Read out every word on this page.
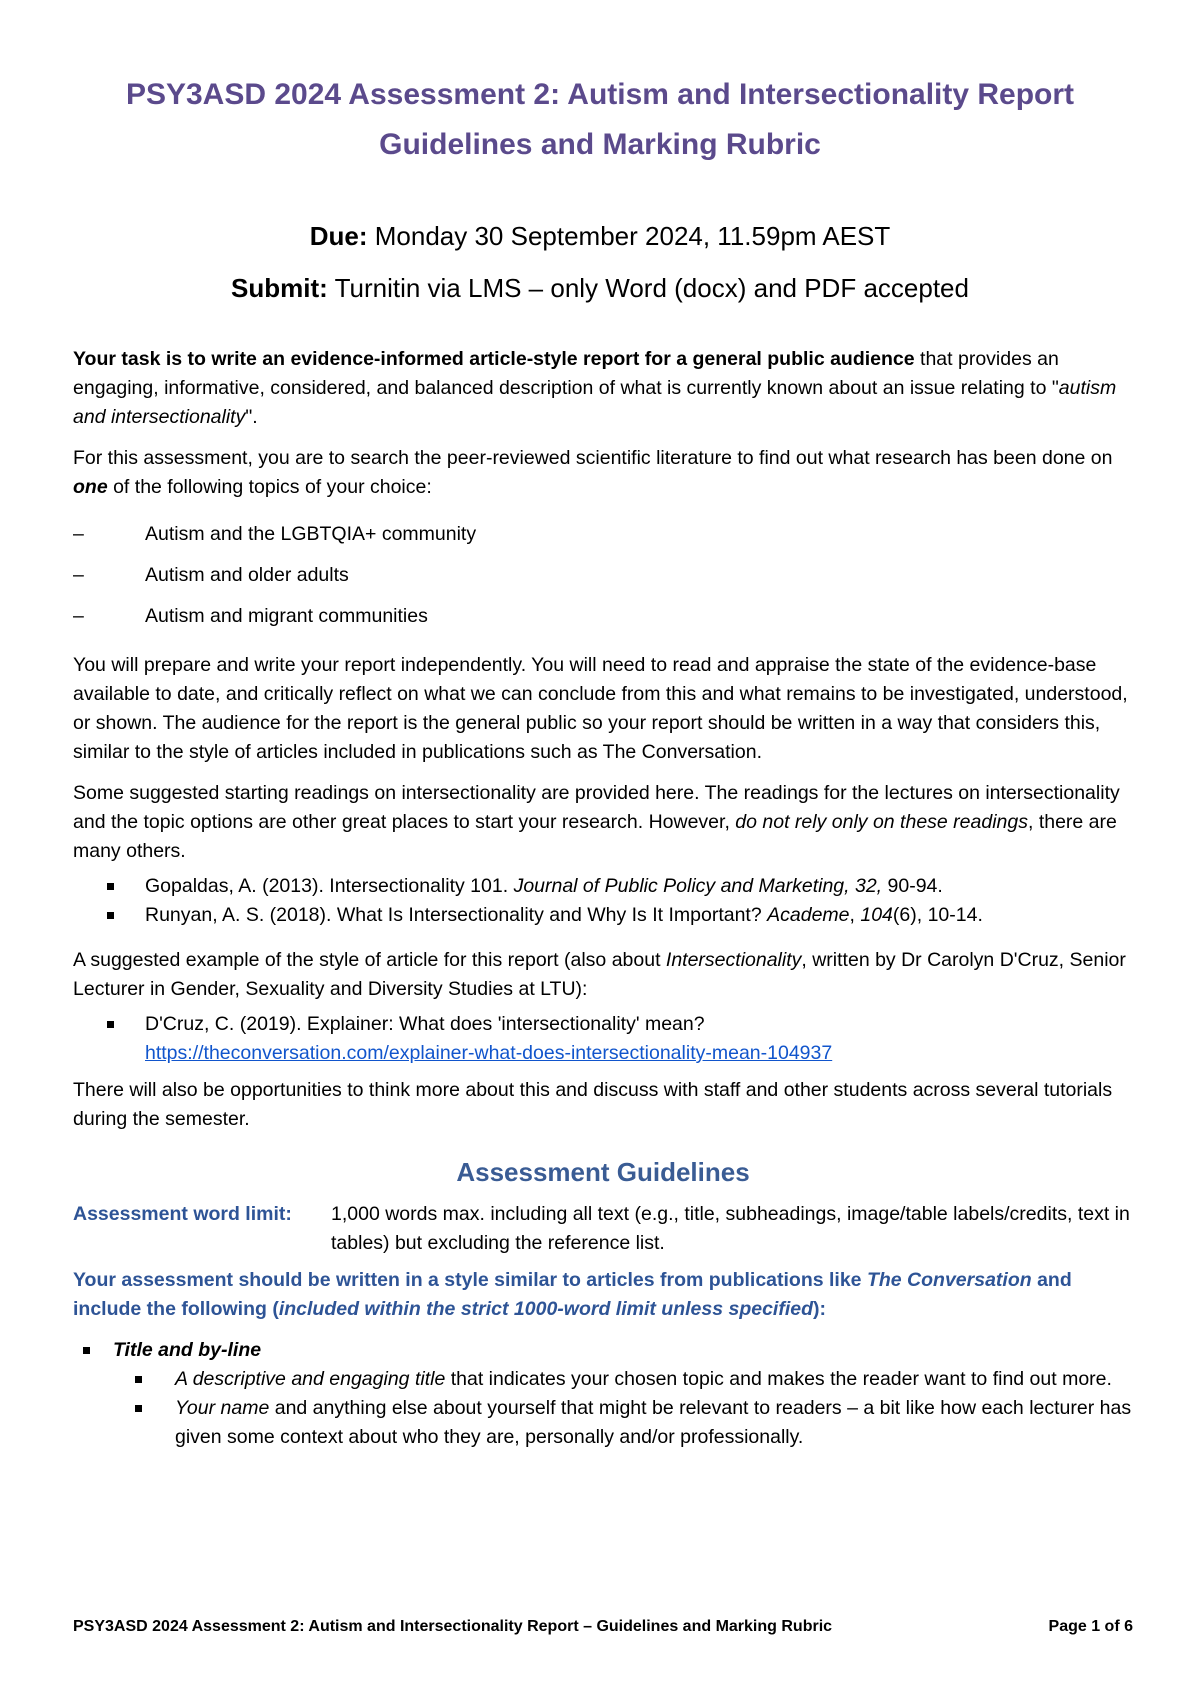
PSY3ASD 2024 Assessment 2: Autism and Intersectionality Report
Guidelines and Marking Rubric
Due: Monday 30 September 2024, 11.59pm AEST
Submit: Turnitin via LMS – only Word (docx) and PDF accepted

Your task is to write an evidence-informed article-style report for a general public audience that provides an engaging, informative, considered, and balanced description of what is currently known about an issue relating to "autism and intersectionality".

For this assessment, you are to search the peer-reviewed scientific literature to find out what research has been done on one of the following topics of your choice:

– Autism and the LGBTQIA+ community
– Autism and older adults
– Autism and migrant communities

You will prepare and write your report independently. You will need to read and appraise the state of the evidence-base available to date, and critically reflect on what we can conclude from this and what remains to be investigated, understood, or shown. The audience for the report is the general public so your report should be written in a way that considers this, similar to the style of articles included in publications such as The Conversation.

Some suggested starting readings on intersectionality are provided here. The readings for the lectures on intersectionality and the topic options are other great places to start your research. However, do not rely only on these readings, there are many others.

Gopaldas, A. (2013). Intersectionality 101. Journal of Public Policy and Marketing, 32, 90-94.
Runyan, A. S. (2018). What Is Intersectionality and Why Is It Important? Academe, 104(6), 10-14.

A suggested example of the style of article for this report (also about Intersectionality, written by Dr Carolyn D'Cruz, Senior Lecturer in Gender, Sexuality and Diversity Studies at LTU):

D'Cruz, C. (2019). Explainer: What does 'intersectionality' mean?
https://theconversation.com/explainer-what-does-intersectionality-mean-104937

There will also be opportunities to think more about this and discuss with staff and other students across several tutorials during the semester.

Assessment Guidelines
Assessment word limit:	1,000 words max. including all text (e.g., title, subheadings, image/table labels/credits, text in tables) but excluding the reference list.

Your assessment should be written in a style similar to articles from publications like The Conversation and include the following (included within the strict 1000-word limit unless specified):

Title and by-line
A descriptive and engaging title that indicates your chosen topic and makes the reader want to find out more.
Your name and anything else about yourself that might be relevant to readers – a bit like how each lecturer has given some context about who they are, personally and/or professionally.
PSY3ASD 2024 Assessment 2: Autism and Intersectionality Report – Guidelines and Marking Rubric	Page 1 of 6
